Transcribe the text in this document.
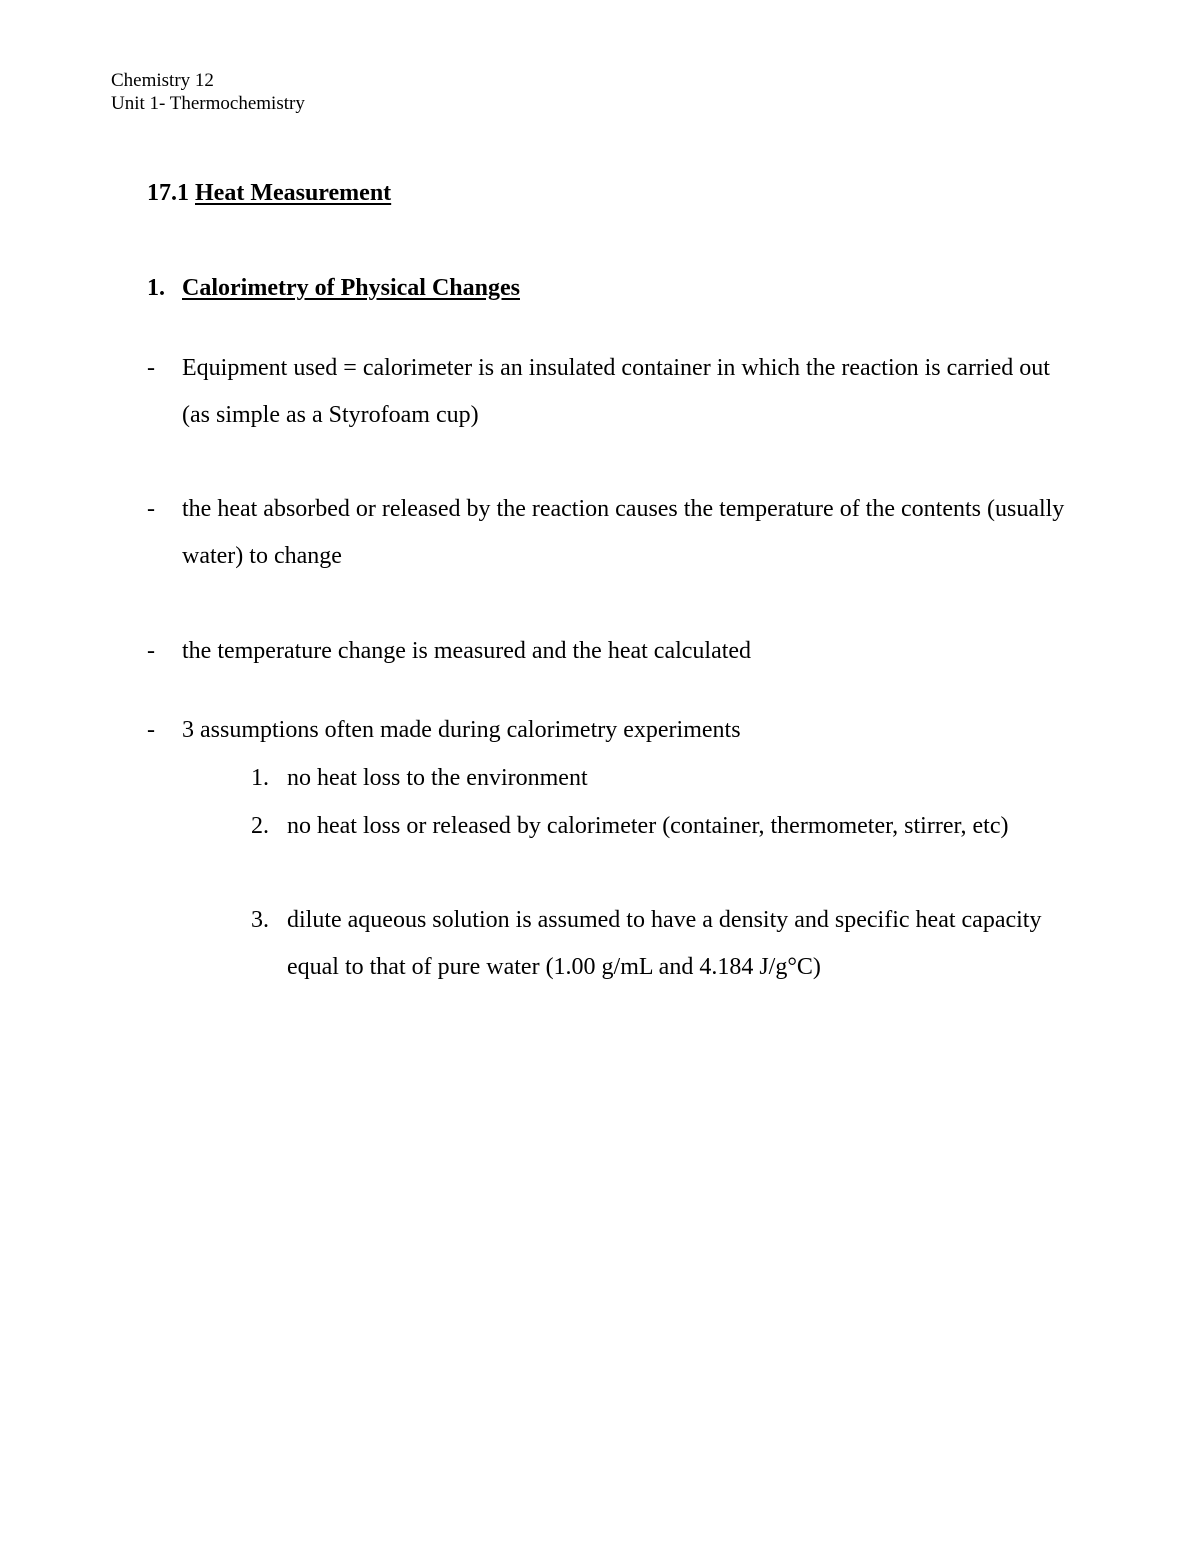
Chemistry 12
Unit 1- Thermochemistry
17.1 Heat Measurement
1. Calorimetry of Physical Changes
- Equipment used = calorimeter is an insulated container in which the reaction is carried out (as simple as a Styrofoam cup)
- the heat absorbed or released by the reaction causes the temperature of the contents (usually water) to change
- the temperature change is measured and the heat calculated
- 3 assumptions often made during calorimetry experiments
1. no heat loss to the environment
2. no heat loss or released by calorimeter (container, thermometer, stirrer, etc)
3. dilute aqueous solution is assumed to have a density and specific heat capacity equal to that of pure water (1.00 g/mL and 4.184 J/g°C)
